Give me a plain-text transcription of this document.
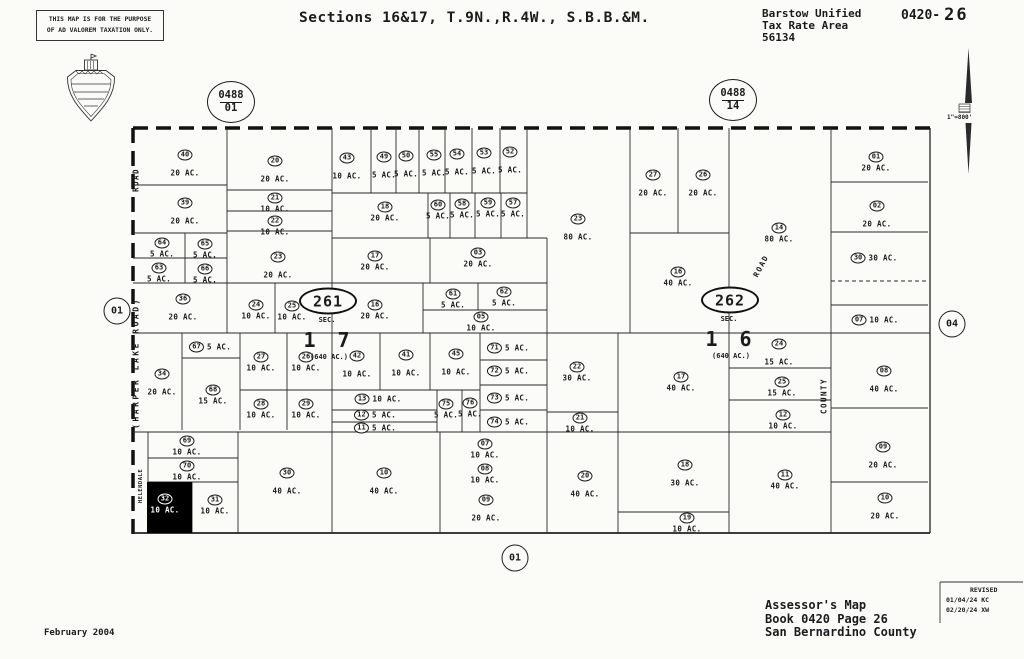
THIS MAP IS FOR THE PURPOSE
OF AD VALOREM TAXATION ONLY.
Sections 16&17, T.9N.,R.4W., S.B.B.&M.	Barstow Unified
Tax Rate Area
56134
0420- 26
1"=800'
40
20 AC.
39
20 AC.
64
5 AC.
65
5 AC.
63
5 AC.
66
5 AC.
36
20 AC.
20
20 AC.
21
10 AC.
22
10 AC.
23
20 AC.
24
10 AC.
25
10 AC.
43
10 AC.
49
5 AC.
50
5 AC.
55
5 AC.
54
5 AC.
53
5 AC.
52
5 AC.
18
20 AC.
60
5 AC.
58
5 AC.
59
5 AC.
57
5 AC.
17
20 AC.
03
20 AC.
16
20 AC.
61
5 AC.
62
5 AC.
05
10 AC.
67 5 AC.
34
20 AC.	68
15 AC.
27
10 AC.
26
10 AC.
28
10 AC.
29
10 AC.
42
10 AC.
41
10 AC.
45
10 AC.
71 5 AC.
72 5 AC.
13 10 AC.
12 5 AC.
11 5 AC.
75
5 AC.
76
5 AC.
73 5 AC.
74 5 AC.
69
10 AC.
70
10 AC.
32
10 AC.
31
10 AC.
30
40 AC.
10
40 AC.
07
10 AC.
08
10 AC.
09
20 AC.
23
80 AC.
27
20 AC.
26
20 AC.
16
40 AC.
14
80 AC.
22
30 AC.
21
10 AC.
20
40 AC.
17
40 AC.
24
15 AC.
25
15 AC.
12
10 AC.
18
30 AC.
11
40 AC.
19
10 AC.
01
20 AC.
02
20 AC.
30 30 AC.
07 10 AC.
08
40 AC.
09
20 AC.
10
20 AC.
ROAD
(HARPER LAKE ROAD)
HELENDALE
ROAD
COUNTY
01
04
01
0488
01
0488
14
261
SEC.
1 7
(640 AC.)
262
SEC.
1 6
(640 AC.)
February 2004
Assessor's Map
Book 0420 Page 26
San Bernardino County
REVISED
01/04/24 KC
02/20/24 XW
